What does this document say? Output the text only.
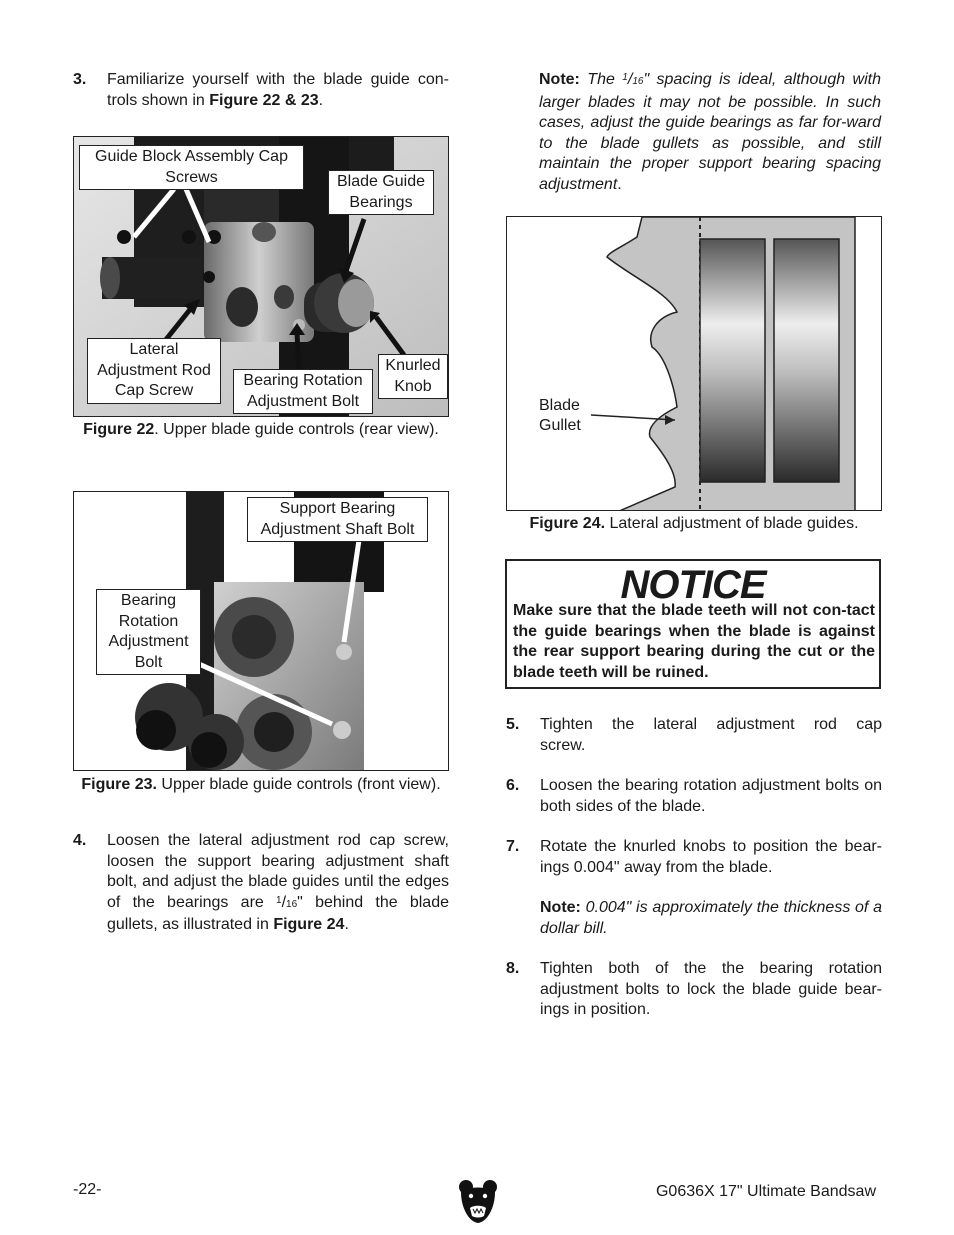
3.	Familiarize yourself with the blade guide con-trols shown in Figure 22 & 23.
Guide Block Assembly Cap Screws	Blade Guide Bearings
Lateral Adjustment Rod Cap Screw
Bearing Rotation Adjustment Bolt
Knurled Knob
Figure 22. Upper blade guide controls (rear view).
Support Bearing Adjustment Shaft Bolt
Bearing Rotation Adjustment Bolt
Figure 23. Upper blade guide controls (front view).
4.	Loosen the lateral adjustment rod cap screw, loosen the support bearing adjustment shaft bolt, and adjust the blade guides until the edges of the bearings are $^1$/16" behind the blade gullets, as illustrated in Figure 24.
Note: The $^1$/16" spacing is ideal, although with larger blades it may not be possible. In such cases, adjust the guide bearings as far for-ward to the blade gullets as possible, and still maintain the proper support bearing spacing adjustment.
Blade
Gullet
Figure 24. Lateral adjustment of blade guides.
NOTICE
Make sure that the blade teeth will not con-tact the guide bearings when the blade is against the rear support bearing during the cut or the blade teeth will be ruined.
5.	Tighten the lateral adjustment rod cap screw.
6.	Loosen the bearing rotation adjustment bolts on both sides of the blade.
7.	Rotate the knurled knobs to position the bear-ings 0.004" away from the blade.
Note: 0.004" is approximately the thickness of a dollar bill.
8.	Tighten both of the the bearing rotation adjustment bolts to lock the blade guide bear-ings in position.
-22-	G0636X 17" Ultimate Bandsaw
